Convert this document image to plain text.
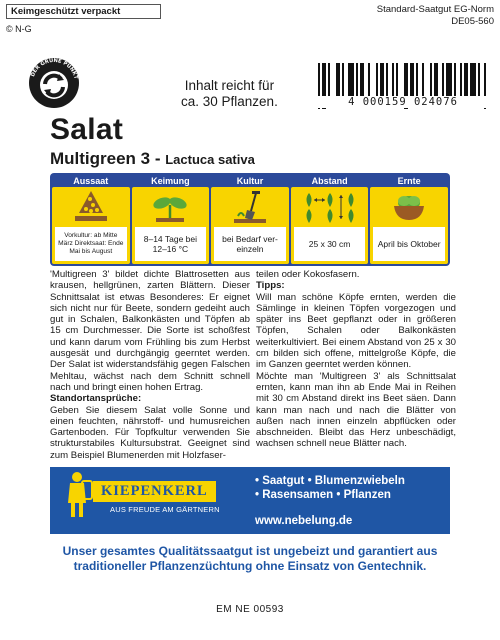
Keimgeschützt verpackt	Standard-Saatgut EG-Norm
DE05-560
© N-G
DER GRÜNE PUNKT
Inhalt reicht für
ca. 30 Pflanzen.	4 000159 024076
Salat
Multigreen 3 - Lactuca sativa
Aussaat
Vorkultur: ab Mitte März Direktsaat: Ende Mai bis August
Keimung
8–14 Tage bei 12–16 °C
Kultur
bei Bedarf ver-einzeln
Abstand
25 x 30 cm
Ernte
April bis Oktober

'Multigreen 3' bildet dichte Blattrosetten aus krausen, hellgrünen, zarten Blättern. Dieser Schnittsalat ist etwas Besonderes: Er eignet sich nicht nur für Beete, sondern gedeiht auch gut in Schalen, Balkonkästen und Töpfen ab 15 cm Durchmesser. Die Sorte ist schoßfest und kann darum vom Frühling bis zum Herbst ausgesät und durchgängig geerntet werden. Der Salat ist widerstandsfähig gegen Falschen Mehltau, wächst nach dem Schnitt schnell nach und bringt einen hohen Ertrag.

Standortansprüche:

Geben Sie diesem Salat volle Sonne und einen feuchten, nährstoff- und humusreichen Gartenboden. Für Topfkultur verwenden Sie strukturstabiles Kultursubstrat. Geeignet sind zum Beispiel Blumenerden mit Holzfaser-

teilen oder Kokosfasern.

Tipps:

Will man schöne Köpfe ernten, werden die Sämlinge in kleinen Töpfen vorgezogen und später ins Beet gepflanzt oder in größeren Töpfen, Schalen oder Balkonkästen weiterkultiviert. Bei einem Abstand von 25 x 30 cm bilden sich offene, mittelgroße Köpfe, die im Ganzen geerntet werden können.

Möchte man 'Multigreen 3' als Schnittsalat ernten, kann man ihn ab Ende Mai in Reihen mit 30 cm Abstand direkt ins Beet säen. Dann kann man nach und nach die Blätter von außen nach innen einzeln abpflücken oder abschneiden. Bleibt das Herz unbeschädigt, wachsen schnell neue Blätter nach.

KIEPENKERL
AUS FREUDE AM GÄRTNERN
• Saatgut • Blumenzwiebeln
• Rasensamen • Pflanzen
www.nebelung.de
Unser gesamtes Qualitätssaatgut ist ungebeizt und garantiert aus
traditioneller Pflanzenzüchtung ohne Einsatz von Gentechnik.
EM NE 00593
